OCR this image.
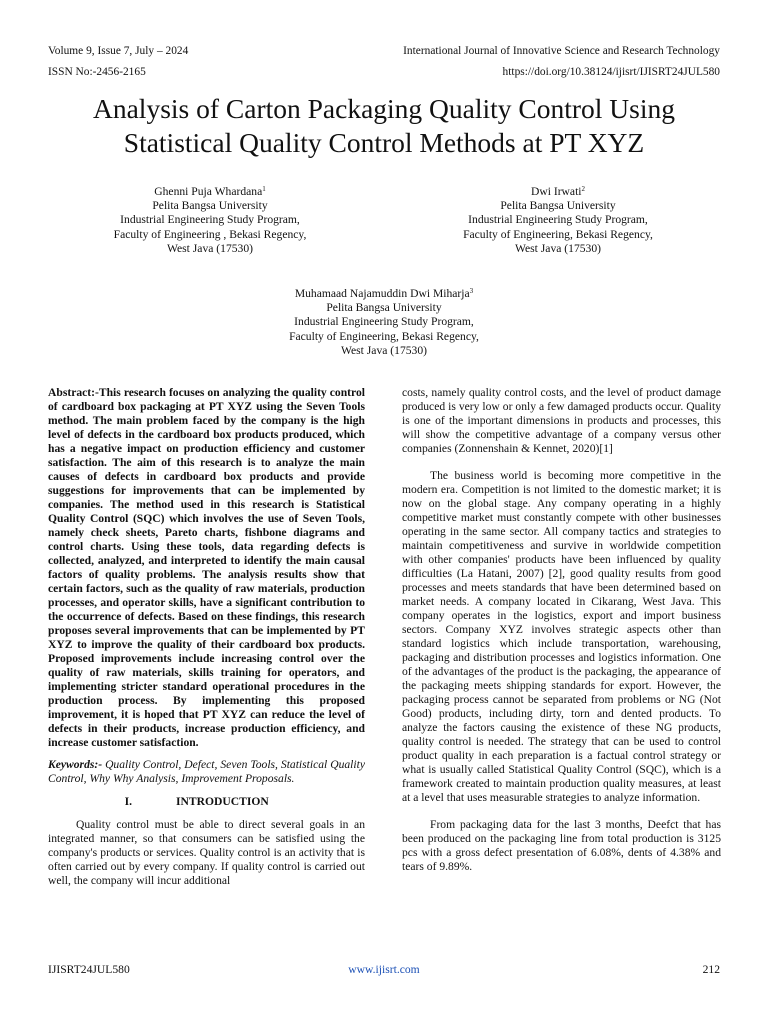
Volume 9, Issue 7, July – 2024	International Journal of Innovative Science and Research Technology
ISSN No:-2456-2165	https://doi.org/10.38124/ijisrt/IJISRT24JUL580
Analysis of Carton Packaging Quality Control Using
Statistical Quality Control Methods at PT XYZ
Ghenni Puja Whardana$^1$
Pelita Bangsa University
Industrial Engineering Study Program,
Faculty of Engineering , Bekasi Regency,
West Java (17530)
Dwi Irwati$^2$
Pelita Bangsa University
Industrial Engineering Study Program,
Faculty of Engineering, Bekasi Regency,
West Java (17530)
Muhamaad Najamuddin Dwi Miharja$^3$
Pelita Bangsa University
Industrial Engineering Study Program,
Faculty of Engineering, Bekasi Regency,
West Java (17530)

Abstract:-This research focuses on analyzing the quality control of cardboard box packaging at PT XYZ using the Seven Tools method. The main problem faced by the company is the high level of defects in the cardboard box products produced, which has a negative impact on production efficiency and customer satisfaction. The aim of this research is to analyze the main causes of defects in cardboard box products and provide suggestions for improvements that can be implemented by companies. The method used in this research is Statistical Quality Control (SQC) which involves the use of Seven Tools, namely check sheets, Pareto charts, fishbone diagrams and control charts. Using these tools, data regarding defects is collected, analyzed, and interpreted to identify the main causal factors of quality problems. The analysis results show that certain factors, such as the quality of raw materials, production processes, and operator skills, have a significant contribution to the occurrence of defects. Based on these findings, this research proposes several improvements that can be implemented by PT XYZ to improve the quality of their cardboard box products. Proposed improvements include increasing control over the quality of raw materials, skills training for operators, and implementing stricter standard operational procedures in the production process. By implementing this proposed improvement, it is hoped that PT XYZ can reduce the level of defects in their products, increase production efficiency, and increase customer satisfaction.

Keywords:- Quality Control, Defect, Seven Tools, Statistical Quality Control, Why Why Analysis, Improvement Proposals.

I.	INTRODUCTION

Quality control must be able to direct several goals in an integrated manner, so that consumers can be satisfied using the company's products or services. Quality control is an activity that is often carried out by every company. If quality control is carried out well, the company will incur additional

costs, namely quality control costs, and the level of product damage produced is very low or only a few damaged products occur. Quality is one of the important dimensions in products and processes, this will show the competitive advantage of a company versus other companies (Zonnenshain & Kennet, 2020)[1]

The business world is becoming more competitive in the modern era. Competition is not limited to the domestic market; it is now on the global stage. Any company operating in a highly competitive market must constantly compete with other businesses operating in the same sector. All company tactics and strategies to maintain competitiveness and survive in worldwide competition with other companies' products have been influenced by quality difficulties (La Hatani, 2007) [2], good quality results from good processes and meets standards that have been determined based on market needs. A company located in Cikarang, West Java. This company operates in the logistics, export and import business sectors. Company XYZ involves strategic aspects other than standard logistics which include transportation, warehousing, packaging and distribution processes and logistics information. One of the advantages of the product is the packaging, the appearance of the packaging meets shipping standards for export. However, the packaging process cannot be separated from problems or NG (Not Good) products, including dirty, torn and dented products. To analyze the factors causing the existence of these NG products, quality control is needed. The strategy that can be used to control product quality in each preparation is a factual control strategy or what is usually called Statistical Quality Control (SQC), which is a framework created to maintain production quality measures, at least at a level that uses measurable strategies to analyze information.

From packaging data for the last 3 months, Deefct that has been produced on the packaging line from total production is 3125 pcs with a gross defect presentation of 6.08%, dents of 4.38% and tears of 9.89%.

IJISRT24JUL580	www.ijisrt.com	212
